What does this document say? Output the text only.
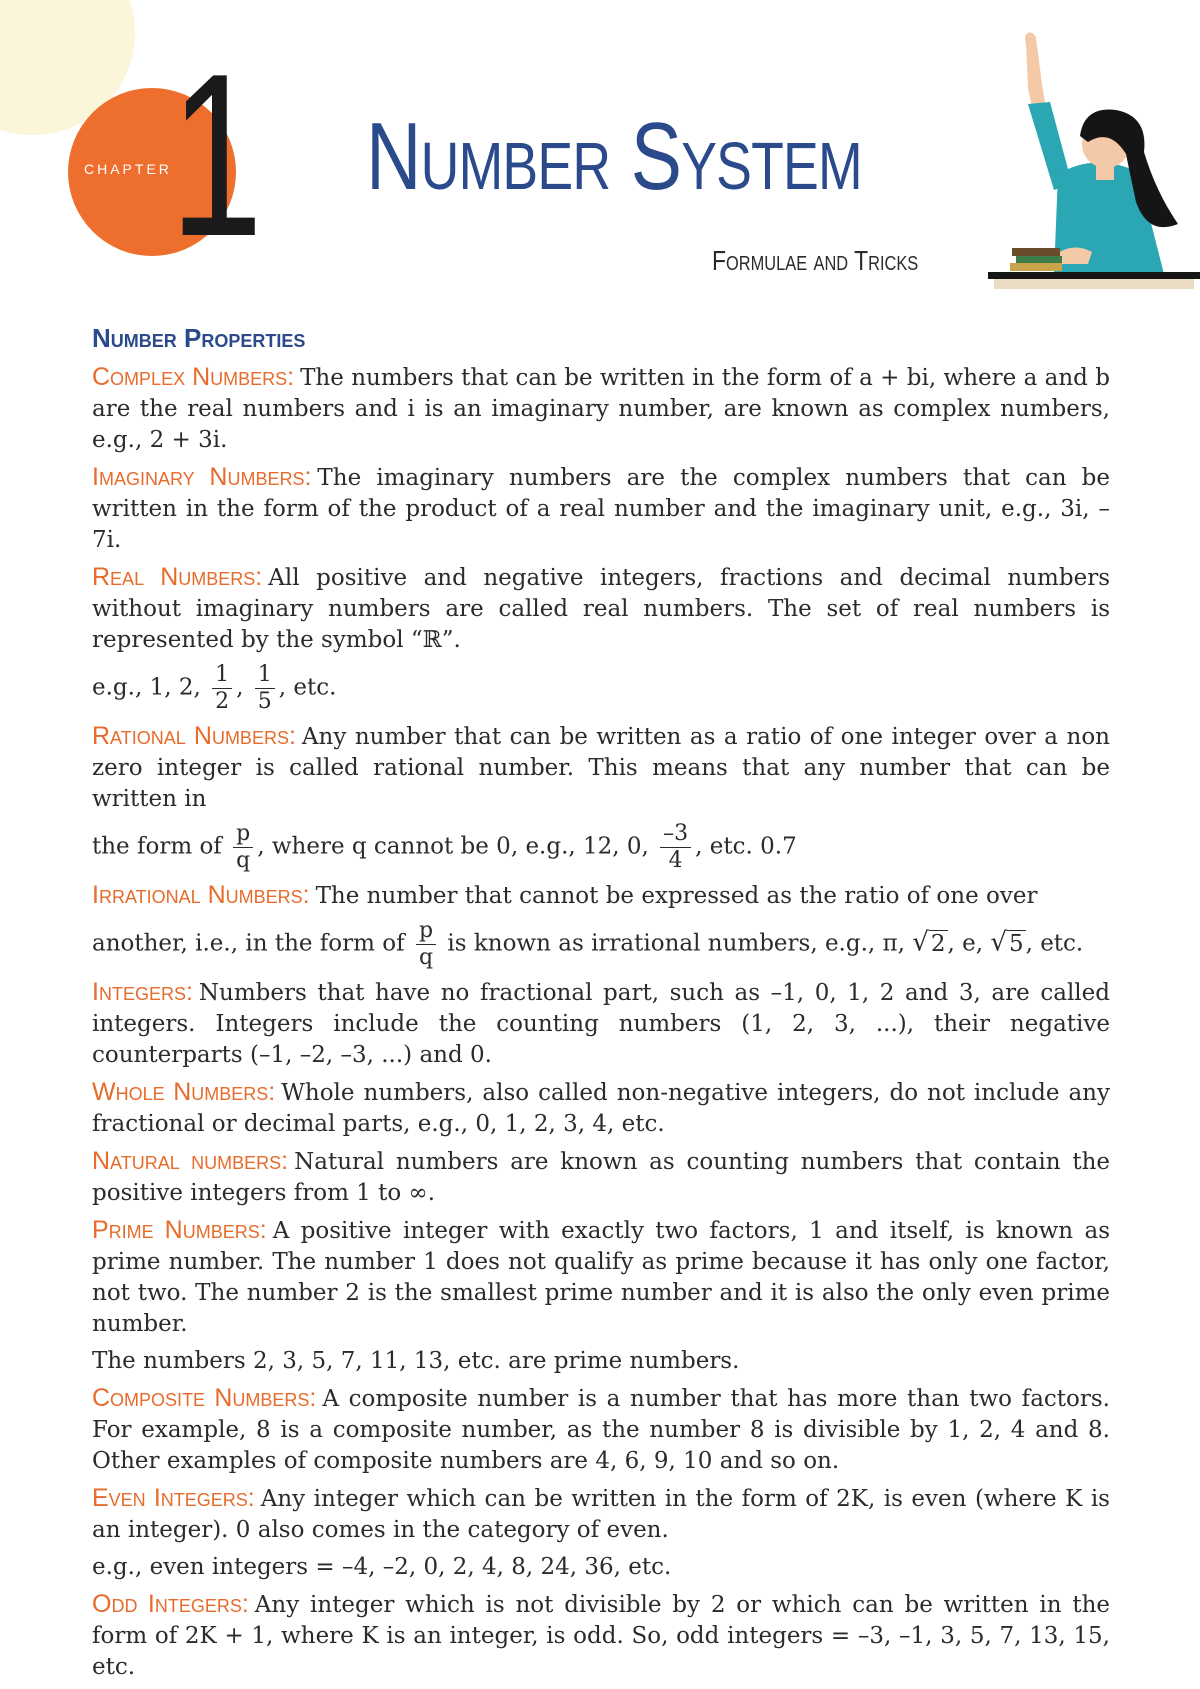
CHAPTER
1 Number System
Formulae and Tricks
Number Properties

Complex Numbers: The numbers that can be written in the form of a + bi, where a and b are the real numbers and i is an imaginary number, are known as complex numbers, e.g., 2 + 3i.

Imaginary Numbers: The imaginary numbers are the complex numbers that can be written in the form of the product of a real number and the imaginary unit, e.g., 3i, –7i.

Real Numbers: All positive and negative integers, fractions and decimal numbers without imaginary numbers are called real numbers. The set of real numbers is represented by the symbol “ℝ”.

e.g., 1, 2, $\frac{1}{2}$ , $\frac{1}{5}$ , etc.

Rational Numbers: Any number that can be written as a ratio of one integer over a non zero integer is called rational number. This means that any number that can be written in

the form of $\frac{p}{q}$ , where q cannot be 0, e.g., 12, 0, $\frac{-3}{4}$ , etc. 0.7

Irrational Numbers: The number that cannot be expressed as the ratio of one over

another, i.e., in the form of $\frac{p}{q}$ is known as irrational numbers, e.g., π, √2, e, √5, etc.

Integers: Numbers that have no fractional part, such as –1, 0, 1, 2 and 3, are called integers. Integers include the counting numbers (1, 2, 3, ...), their negative counterparts (–1, –2, –3, ...) and 0.

Whole Numbers: Whole numbers, also called non-negative integers, do not include any fractional or decimal parts, e.g., 0, 1, 2, 3, 4, etc.

Natural numbers: Natural numbers are known as counting numbers that contain the positive integers from 1 to ∞.

Prime Numbers: A positive integer with exactly two factors, 1 and itself, is known as prime number. The number 1 does not qualify as prime because it has only one factor, not two. The number 2 is the smallest prime number and it is also the only even prime number.

The numbers 2, 3, 5, 7, 11, 13, etc. are prime numbers.

Composite Numbers: A composite number is a number that has more than two factors. For example, 8 is a composite number, as the number 8 is divisible by 1, 2, 4 and 8. Other examples of composite numbers are 4, 6, 9, 10 and so on.

Even Integers: Any integer which can be written in the form of 2K, is even (where K is an integer). 0 also comes in the category of even.

e.g., even integers = –4, –2, 0, 2, 4, 8, 24, 36, etc.

Odd Integers: Any integer which is not divisible by 2 or which can be written in the form of 2K + 1, where K is an integer, is odd. So, odd integers = –3, –1, 3, 5, 7, 13, 15, etc.
